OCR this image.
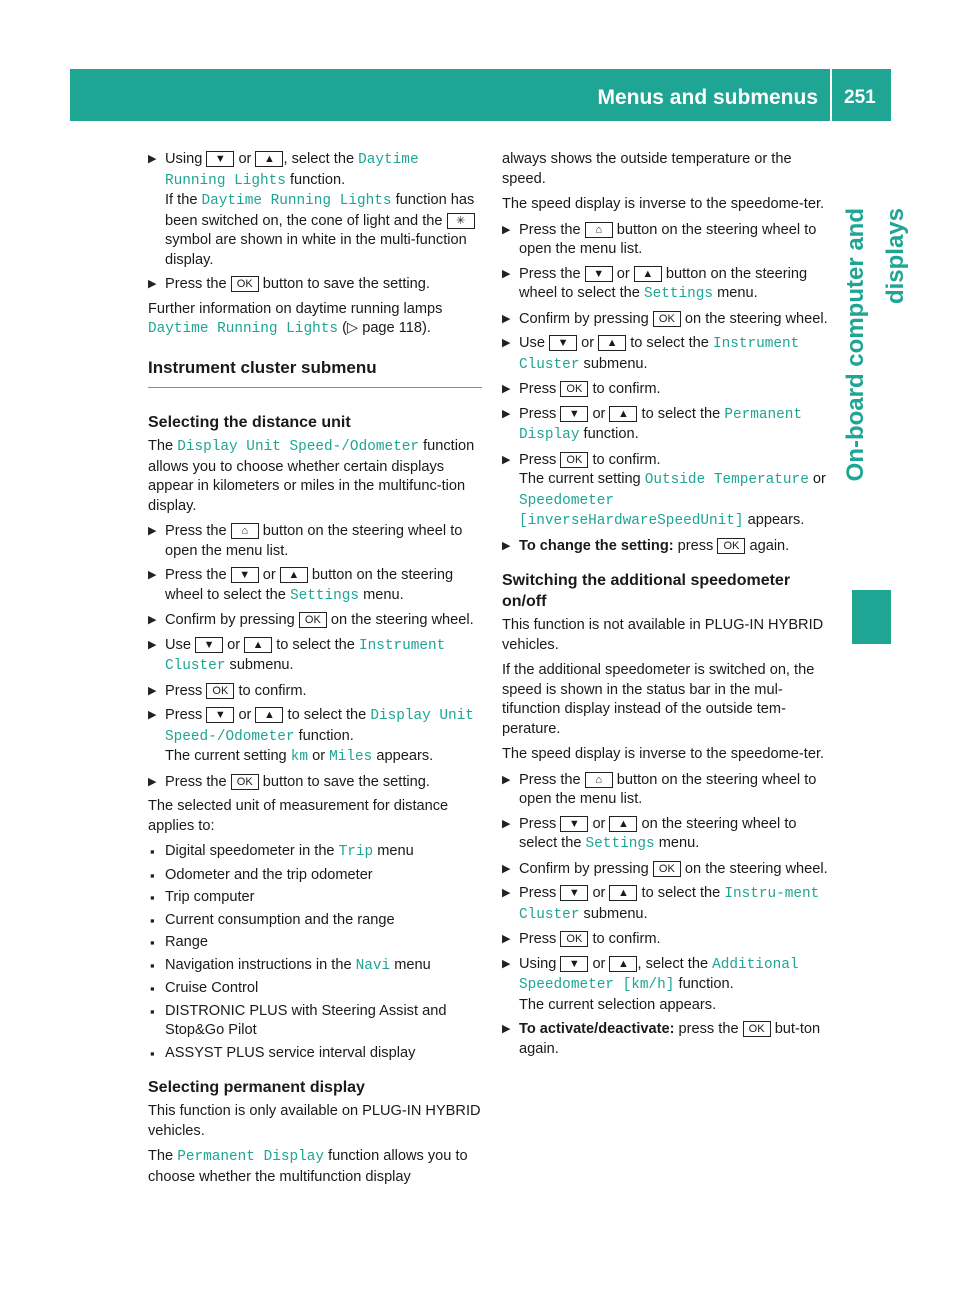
Menus and submenus 251
On-board computer and displays
▶ Using ▼ or ▲ , select the Daytime Running Lights function.
If the Daytime Running Lights function has been switched on, the cone of light and the ✳ symbol are shown in white in the multi-function display.
▶ Press the OK button to save the setting.

Further information on daytime running lamps Daytime Running Lights (▷ page 118).

Instrument cluster submenu
Selecting the distance unit

The Display Unit Speed-/Odometer function allows you to choose whether certain displays appear in kilometers or miles in the multifunc-tion display.

▶ Press the ⌂ button on the steering wheel to open the menu list.
▶ Press the ▼ or ▲ button on the steering wheel to select the Settings menu.
▶ Confirm by pressing OK on the steering wheel.
▶ Use ▼ or ▲ to select the Instrument Cluster submenu.
▶ Press OK to confirm.
▶ Press ▼ or ▲ to select the Display Unit Speed-/Odometer function.
The current setting km or Miles appears.
▶ Press the OK button to save the setting.

The selected unit of measurement for distance applies to:

▪ Digital speedometer in the Trip menu
▪ Odometer and the trip odometer
▪ Trip computer
▪ Current consumption and the range
▪ Range
▪ Navigation instructions in the Navi menu
▪ Cruise Control
▪ DISTRONIC PLUS with Steering Assist and Stop&Go Pilot
▪ ASSYST PLUS service interval display
Selecting permanent display

This function is only available on PLUG-IN HYBRID vehicles.

The Permanent Display function allows you to choose whether the multifunction display

always shows the outside temperature or the speed.

The speed display is inverse to the speedome-ter.

▶ Press the ⌂ button on the steering wheel to open the menu list.
▶ Press the ▼ or ▲ button on the steering wheel to select the Settings menu.
▶ Confirm by pressing OK on the steering wheel.
▶ Use ▼ or ▲ to select the Instrument Cluster submenu.
▶ Press OK to confirm.
▶ Press ▼ or ▲ to select the Permanent Display function.
▶ Press OK to confirm.
The current setting Outside Temperature or Speedometer [inverseHardwareSpeedUnit] appears.
▶ To change the setting: press OK again.
Switching the additional speedometer on/off

This function is not available in PLUG-IN HYBRID vehicles.

If the additional speedometer is switched on, the speed is shown in the status bar in the mul-tifunction display instead of the outside tem-perature.

The speed display is inverse to the speedome-ter.

▶ Press the ⌂ button on the steering wheel to open the menu list.
▶ Press ▼ or ▲ on the steering wheel to select the Settings menu.
▶ Confirm by pressing OK on the steering wheel.
▶ Press ▼ or ▲ to select the Instru-ment Cluster submenu.
▶ Press OK to confirm.
▶ Using ▼ or ▲ , select the Additional Speedometer [km/h] function.
The current selection appears.
▶ To activate/deactivate: press the OK but-ton again.
